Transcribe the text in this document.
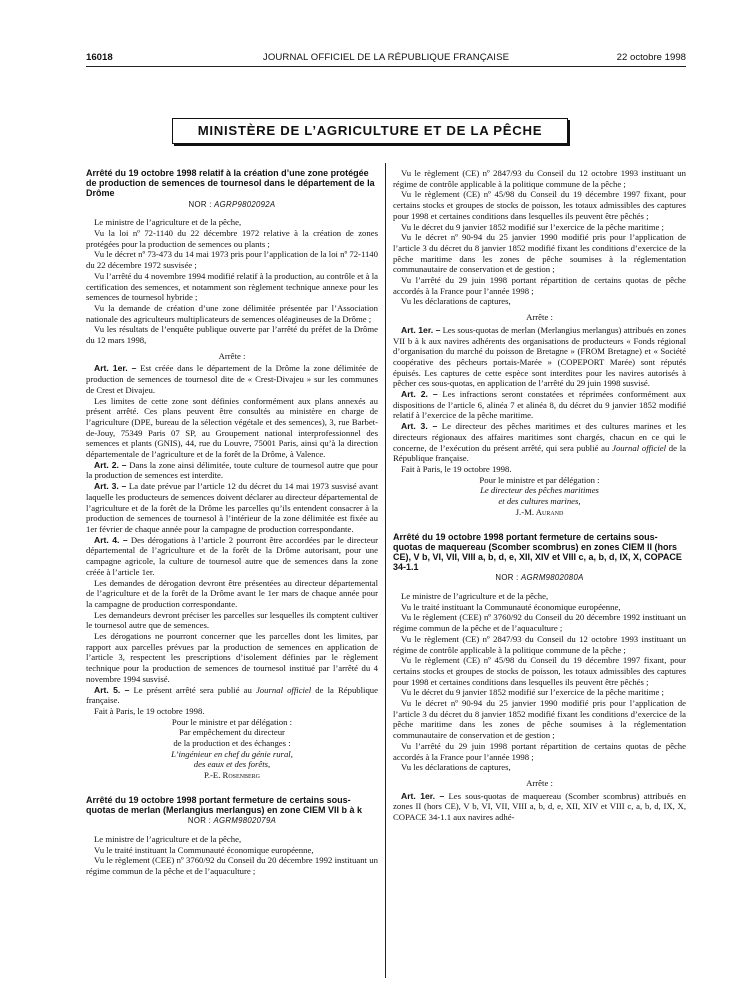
16018	JOURNAL OFFICIEL DE LA RÉPUBLIQUE FRANÇAISE	22 octobre 1998
MINISTÈRE DE L’AGRICULTURE ET DE LA PÊCHE
Arrêté du 19 octobre 1998 relatif à la création d’une zone protégée de production de semences de tournesol dans le département de la Drôme
NOR : AGRP9802092A

Le ministre de l’agriculture et de la pêche,

Vu la loi nº 72-1140 du 22 décembre 1972 relative à la création de zones protégées pour la production de semences ou plants ;

Vu le décret nº 73-473 du 14 mai 1973 pris pour l’application de la loi nº 72-1140 du 22 décembre 1972 susvisée ;

Vu l’arrêté du 4 novembre 1994 modifié relatif à la production, au contrôle et à la certification des semences, et notamment son règlement technique annexe pour les semences de tournesol hybride ;

Vu la demande de création d’une zone délimitée présentée par l’Association nationale des agriculteurs multiplicateurs de semences oléagineuses de la Drôme ;

Vu les résultats de l’enquête publique ouverte par l’arrêté du préfet de la Drôme du 12 mars 1998,

Arrête :

Art. 1er. – Est créée dans le département de la Drôme la zone délimitée de production de semences de tournesol dite de « Crest-Divajeu » sur les communes de Crest et Divajeu.

Les limites de cette zone sont définies conformément aux plans annexés au présent arrêté. Ces plans peuvent être consultés au ministère en charge de l’agriculture (DPE, bureau de la sélection végétale et des semences), 3, rue Barbet-de-Jouy, 75349 Paris 07 SP, au Groupement national interprofessionnel des semences et plants (GNIS), 44, rue du Louvre, 75001 Paris, ainsi qu’à la direction départementale de l’agriculture et de la forêt de la Drôme, à Valence.

Art. 2. – Dans la zone ainsi délimitée, toute culture de tournesol autre que pour la production de semences est interdite.

Art. 3. – La date prévue par l’article 12 du décret du 14 mai 1973 susvisé avant laquelle les producteurs de semences doivent déclarer au directeur départemental de l’agriculture et de la forêt de la Drôme les parcelles qu’ils entendent consacrer à la production de semences de tournesol à l’intérieur de la zone délimitée est fixée au 1er février de chaque année pour la campagne de production correspondante.

Art. 4. – Des dérogations à l’article 2 pourront être accordées par le directeur départemental de l’agriculture et de la forêt de la Drôme autorisant, pour une campagne agricole, la culture de tournesol autre que de semences dans la zone créée à l’article 1er.

Les demandes de dérogation devront être présentées au directeur départemental de l’agriculture et de la forêt de la Drôme avant le 1er mars de chaque année pour la campagne de production correspondante.

Les demandeurs devront préciser les parcelles sur lesquelles ils comptent cultiver le tournesol autre que de semences.

Les dérogations ne pourront concerner que les parcelles dont les limites, par rapport aux parcelles prévues par la production de semences en application de l’article 3, respectent les prescriptions d’isolement définies par le règlement technique pour la production de semences de tournesol institué par l’arrêté du 4 novembre 1994 susvisé.

Art. 5. – Le présent arrêté sera publié au Journal officiel de la République française.

Fait à Paris, le 19 octobre 1998.

Pour le ministre et par délégation :

Par empêchement du directeur

de la production et des échanges :

L’ingénieur en chef du génie rural,

des eaux et des forêts,

P.-E. Rosenberg

Arrêté du 19 octobre 1998 portant fermeture de certains sous-quotas de merlan (Merlangius merlangus) en zone CIEM VII b à k
NOR : AGRM9802079A

Le ministre de l’agriculture et de la pêche,

Vu le traité instituant la Communauté économique européenne,

Vu le règlement (CEE) nº 3760/92 du Conseil du 20 décembre 1992 instituant un régime commun de la pêche et de l’aquaculture ;

Vu le règlement (CE) nº 2847/93 du Conseil du 12 octobre 1993 instituant un régime de contrôle applicable à la politique commune de la pêche ;

Vu le règlement (CE) nº 45/98 du Conseil du 19 décembre 1997 fixant, pour certains stocks et groupes de stocks de poisson, les totaux admissibles des captures pour 1998 et certaines conditions dans lesquelles ils peuvent être pêchés ;

Vu le décret du 9 janvier 1852 modifié sur l’exercice de la pêche maritime ;

Vu le décret nº 90-94 du 25 janvier 1990 modifié pris pour l’application de l’article 3 du décret du 8 janvier 1852 modifié fixant les conditions d’exercice de la pêche maritime dans les zones de pêche soumises à la réglementation communautaire de conservation et de gestion ;

Vu l’arrêté du 29 juin 1998 portant répartition de certains quotas de pêche accordés à la France pour l’année 1998 ;

Vu les déclarations de captures,

Arrête :

Art. 1er. – Les sous-quotas de merlan (Merlangius merlangus) attribués en zones VII b à k aux navires adhérents des organisations de producteurs « Fonds régional d’organisation du marché du poisson de Bretagne » (FROM Bretagne) et « Société coopérative des pêcheurs portais-Marée » (COPEPORT Marée) sont réputés épuisés. Les captures de cette espèce sont interdites pour les navires autorisés à pêcher ces sous-quotas, en application de l’arrêté du 29 juin 1998 susvisé.

Art. 2. – Les infractions seront constatées et réprimées conformément aux dispositions de l’article 6, alinéa 7 et alinéa 8, du décret du 9 janvier 1852 modifié relatif à l’exercice de la pêche maritime.

Art. 3. – Le directeur des pêches maritimes et des cultures marines et les directeurs régionaux des affaires maritimes sont chargés, chacun en ce qui le concerne, de l’exécution du présent arrêté, qui sera publié au Journal officiel de la République française.

Fait à Paris, le 19 octobre 1998.

Pour le ministre et par délégation :

Le directeur des pêches maritimes

et des cultures marines,

J.-M. Aurand

Arrêté du 19 octobre 1998 portant fermeture de certains sous-quotas de maquereau (Scomber scombrus) en zones CIEM II (hors CE), V b, VI, VII, VIII a, b, d, e, XII, XIV et VIII c, a, b, d, IX, X, COPACE 34-1.1
NOR : AGRM9802080A

Le ministre de l’agriculture et de la pêche,

Vu le traité instituant la Communauté économique européenne,

Vu le règlement (CEE) nº 3760/92 du Conseil du 20 décembre 1992 instituant un régime commun de la pêche et de l’aquaculture ;

Vu le règlement (CE) nº 2847/93 du Conseil du 12 octobre 1993 instituant un régime de contrôle applicable à la politique commune de la pêche ;

Vu le règlement (CE) nº 45/98 du Conseil du 19 décembre 1997 fixant, pour certains stocks et groupes de stocks de poisson, les totaux admissibles des captures pour 1998 et certaines conditions dans lesquelles ils peuvent être pêchés ;

Vu le décret du 9 janvier 1852 modifié sur l’exercice de la pêche maritime ;

Vu le décret nº 90-94 du 25 janvier 1990 modifié pris pour l’application de l’article 3 du décret du 8 janvier 1852 modifié fixant les conditions d’exercice de la pêche maritime dans les zones de pêche soumises à la réglementation communautaire de conservation et de gestion ;

Vu l’arrêté du 29 juin 1998 portant répartition de certains quotas de pêche accordés à la France pour l’année 1998 ;

Vu les déclarations de captures,

Arrête :

Art. 1er. – Les sous-quotas de maquereau (Scomber scombrus) attribués en zones II (hors CE), V b, VI, VII, VIII a, b, d, e, XII, XIV et VIII c, a, b, d, IX, X, COPACE 34-1.1 aux navires adhé-
